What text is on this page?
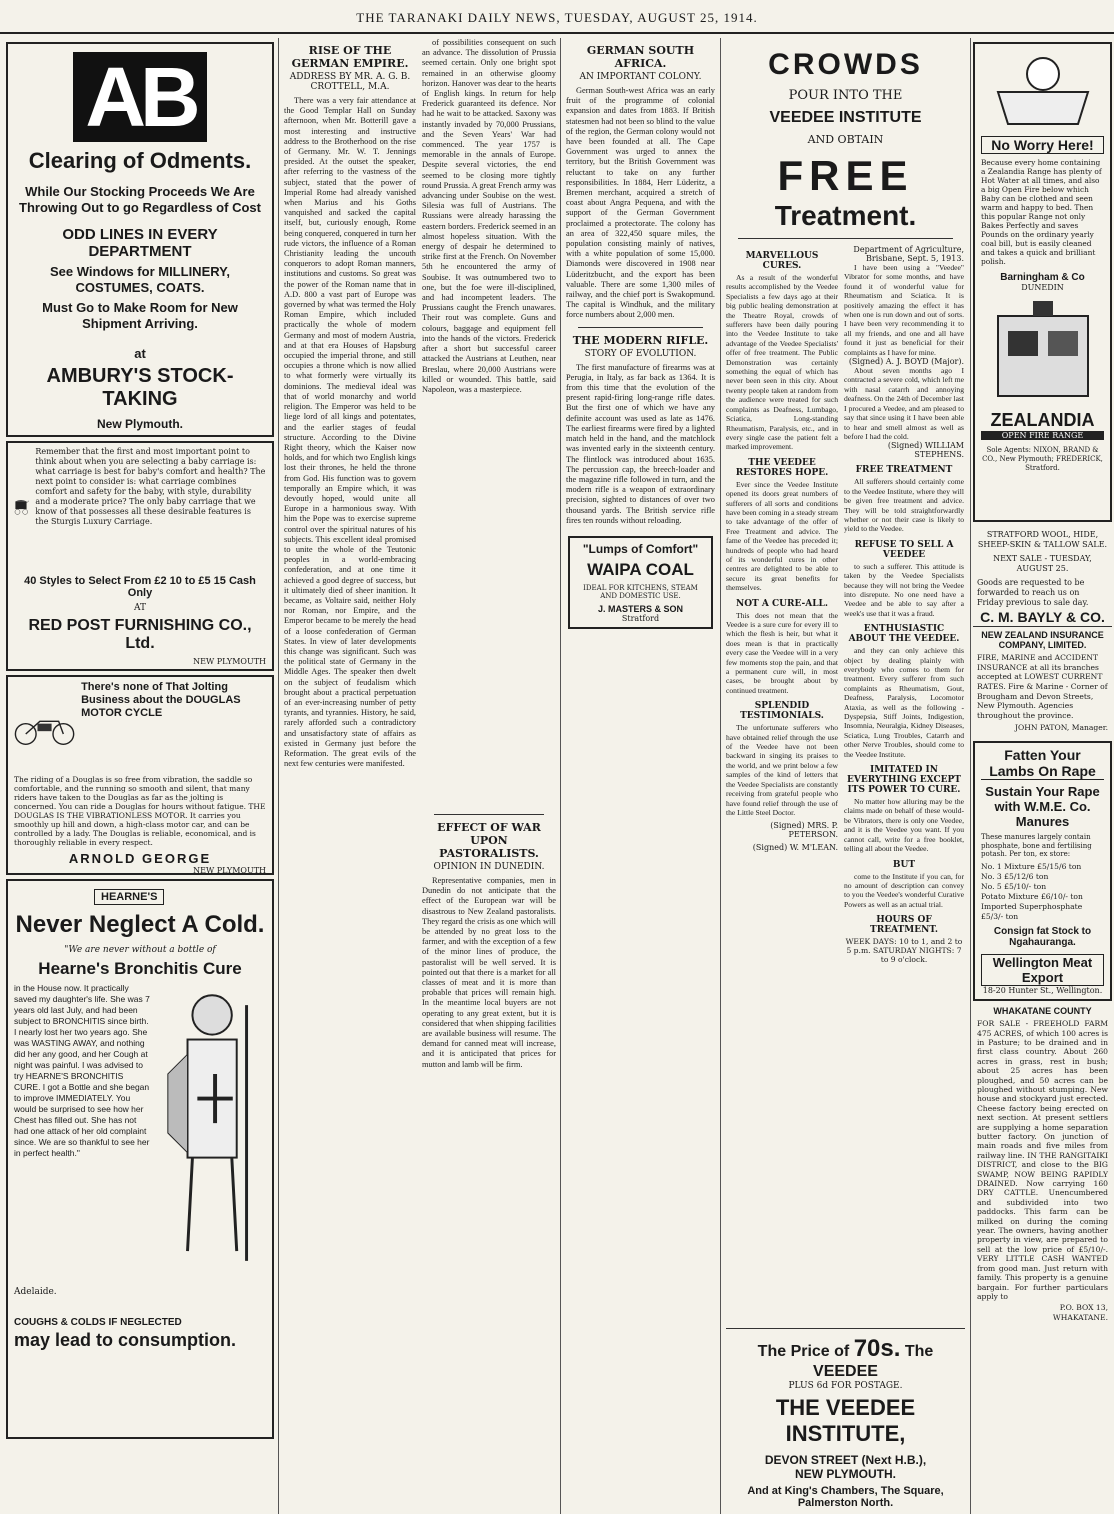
THE TARANAKI DAILY NEWS, TUESDAY, AUGUST 25, 1914.
AB
Clearing of Odments.
While Our Stocking Proceeds We Are Throwing Out to go Regardless of Cost
ODD LINES IN EVERY DEPARTMENT
See Windows for MILLINERY, COSTUMES, COATS.
Must Go to Make Room for New Shipment Arriving.
at
AMBURY'S STOCK-TAKING
New Plymouth.
Remember that the first and most important point to think about when you are selecting a baby carriage is: what carriage is best for baby's comfort and health? The next point to consider is: what carriage combines comfort and safety for the baby, with style, durability and a moderate price? The only baby carriage that we know of that possesses all these desirable features is the Sturgis Luxury Carriage.
40 Styles to Select From £2 10 to £5 15 Cash Only
AT
RED POST FURNISHING CO., Ltd.
NEW PLYMOUTH
There's none of That Jolting Business about the DOUGLAS MOTOR CYCLE
The riding of a Douglas is so free from vibration, the saddle so comfortable, and the running so smooth and silent, that many riders have taken to the Douglas as far as the jolting is concerned. You can ride a Douglas for hours without fatigue. THE DOUGLAS IS THE VIBRATIONLESS MOTOR. It carries you smoothly up hill and down, a high-class motor car, and can be controlled by a lady. The Douglas is reliable, economical, and is thoroughly reliable in every respect.
ARNOLD GEORGE
NEW PLYMOUTH
HEARNE'S
Never Neglect A Cold.
"We are never without a bottle of
Hearne's Bronchitis Cure
in the House now. It practically saved my daughter's life. She was 7 years old last July, and had been subject to BRONCHITIS since birth. I nearly lost her two years ago. She was WASTING AWAY, and nothing did her any good, and her Cough at night was painful. I was advised to try HEARNE'S BRONCHITIS CURE. I got a Bottle and she began to improve IMMEDIATELY. You would be surprised to see how her Chest has filled out. She has not had one attack of her old complaint since. We are so thankful to see her in perfect health."
Adelaide.
COUGHS & COLDS IF NEGLECTED
may lead to consumption.
RISE OF THE GERMAN EMPIRE.
ADDRESS BY MR. A. G. B. CROTTELL, M.A.
There was a very fair attendance at the Good Templar Hall on Sunday afternoon, when Mr. Botterill gave a most interesting and instructive address to the Brotherhood on the rise of Germany. Mr. W. T. Jennings presided. At the outset the speaker, after referring to the vastness of the subject, stated that the power of Imperial Rome had already vanished when Marius and his Goths vanquished and sacked the capital itself, but, curiously enough, Rome being conquered, conquered in turn her rude victors, the influence of a Roman Christianity leading the uncouth conquerors to adopt Roman manners, institutions and customs. So great was the power of the Roman name that in A.D. 800 a vast part of Europe was governed by what was termed the Holy Roman Empire, which included practically the whole of modern Germany and most of modern Austria, and at that era Houses of Hapsburg occupied the imperial throne, and still occupies a throne which is now allied to what formerly were virtually its dominions. The medieval ideal was that of world monarchy and world religion. The Emperor was held to be liege lord of all kings and potentates, and the earlier stages of feudal structure. According to the Divine Right theory, which the Kaiser now holds, and for which two English kings lost their thrones, he held the throne from God. His function was to govern temporally an Empire which, it was devoutly hoped, would unite all Europe in a harmonious sway. With him the Pope was to exercise supreme control over the spiritual natures of his subjects. This excellent ideal promised to unite the whole of the Teutonic peoples in a world-embracing confederation, and at one time it achieved a good degree of success, but it ultimately died of sheer inanition. It became, as Voltaire said, neither Holy nor Roman, nor Empire, and the Emperor became to be merely the head of a loose confederation of German States. In view of later developments this change was significant. Such was the political state of Germany in the Middle Ages. The speaker then dwelt on the subject of feudalism which brought about a practical perpetuation of an ever-increasing number of petty tyrants, and tyrannies. History, he said, rarely afforded such a contradictory and unsatisfactory state of affairs as existed in Germany just before the Reformation. The great evils of the next few centuries were manifested.
of possibilities consequent on such an advance. The dissolution of Prussia seemed certain. Only one bright spot remained in an otherwise gloomy horizon. Hanover was dear to the hearts of English kings. In return for help Frederick guaranteed its defence. Nor had he wait to be attacked. Saxony was instantly invaded by 70,000 Prussians, and the Seven Years' War had commenced. The year 1757 is memorable in the annals of Europe. Despite several victories, the end seemed to be closing more tightly round Prussia. A great French army was advancing under Soubise on the west. Silesia was full of Austrians. The Russians were already harassing the eastern borders. Frederick seemed in an almost hopeless situation. With the energy of despair he determined to strike first at the French. On November 5th he encountered the army of Soubise. It was outnumbered two to one, but the foe were ill-disciplined, and had incompetent leaders. The Prussians caught the French unawares. Their rout was complete. Guns and colours, baggage and equipment fell into the hands of the victors. Frederick after a short but successful career attacked the Austrians at Leuthen, near Breslau, where 20,000 Austrians were killed or wounded. This battle, said Napoleon, was a masterpiece.
EFFECT OF WAR UPON PASTORALISTS.
OPINION IN DUNEDIN.
Representative companies, men in Dunedin do not anticipate that the effect of the European war will be disastrous to New Zealand pastoralists. They regard the crisis as one which will be attended by no great loss to the farmer, and with the exception of a few of the minor lines of produce, the pastoralist will be well served. It is pointed out that there is a market for all classes of meat and it is more than probable that prices will remain high. In the meantime local buyers are not operating to any great extent, but it is considered that when shipping facilities are available business will resume. The demand for canned meat will increase, and it is anticipated that prices for mutton and lamb will be firm.
GERMAN SOUTH AFRICA.
AN IMPORTANT COLONY.
German South-west Africa was an early fruit of the programme of colonial expansion and dates from 1883. If British statesmen had not been so blind to the value of the region, the German colony would not have been founded at all. The Cape Government was urged to annex the territory, but the British Government was reluctant to take on any further responsibilities. In 1884, Herr Lüderitz, a Bremen merchant, acquired a stretch of coast about Angra Pequena, and with the support of the German Government proclaimed a protectorate. The colony has an area of 322,450 square miles, the population consisting mainly of natives, with a white population of some 15,000. Diamonds were discovered in 1908 near Lüderitzbucht, and the export has been valuable. There are some 1,300 miles of railway, and the chief port is Swakopmund. The capital is Windhuk, and the military force numbers about 2,000 men.
THE MODERN RIFLE.
STORY OF EVOLUTION.
The first manufacture of firearms was at Perugia, in Italy, as far back as 1364. It is from this time that the evolution of the present rapid-firing long-range rifle dates. But the first one of which we have any definite account was used as late as 1476. The earliest firearms were fired by a lighted match held in the hand, and the matchlock was invented early in the sixteenth century. The flintlock was introduced about 1635. The percussion cap, the breech-loader and the magazine rifle followed in turn, and the modern rifle is a weapon of extraordinary precision, sighted to distances of over two thousand yards. The British service rifle fires ten rounds without reloading.
"Lumps of Comfort"
WAIPA COAL
IDEAL FOR KITCHENS, STEAM AND DOMESTIC USE.
J. MASTERS & SON
Stratford
CROWDS
POUR INTO THE
VEEDEE INSTITUTE
AND OBTAIN
FREE
Treatment.
MARVELLOUS CURES.
As a result of the wonderful results accomplished by the Veedee Specialists a few days ago at their big public healing demonstration at the Theatre Royal, crowds of sufferers have been daily pouring into the Veedee Institute to take advantage of the Veedee Specialists' offer of free treatment. The Public Demonstration was certainly something the equal of which has never been seen in this city. About twenty people taken at random from the audience were treated for such complaints as Deafness, Lumbago, Sciatica, Long-standing Rheumatism, Paralysis, etc., and in every single case the patient felt a marked improvement.
THE VEEDEE RESTORES HOPE.
Ever since the Veedee Institute opened its doors great numbers of sufferers of all sorts and conditions have been coming in a steady stream to take advantage of the offer of Free Treatment and advice. The fame of the Veedee has preceded it; hundreds of people who had heard of its wonderful cures in other centres are delighted to be able to secure its great benefits for themselves.
NOT A CURE-ALL.
This does not mean that the Veedee is a sure cure for every ill to which the flesh is heir, but what it does mean is that in practically every case the Veedee will in a very few moments stop the pain, and that a permanent cure will, in most cases, be brought about by continued treatment.
SPLENDID TESTIMONIALS.
The unfortunate sufferers who have obtained relief through the use of the Veedee have not been backward in singing its praises to the world, and we print below a few samples of the kind of letters that the Veedee Specialists are constantly receiving from grateful people who have found relief through the use of the Little Steel Doctor.
(Signed) MRS. P. PETERSON.
(Signed) W. M'LEAN.
Department of Agriculture,
Brisbane, Sept. 5, 1913.
I have been using a "Veedee" Vibrator for some months, and have found it of wonderful value for Rheumatism and Sciatica. It is positively amazing the effect it has when one is run down and out of sorts. I have been very recommending it to all my friends, and one and all have found it just as beneficial for their complaints as I have for mine.
(Signed) A. J. BOYD (Major).
About seven months ago I contracted a severe cold, which left me with nasal catarrh and annoying deafness. On the 24th of December last I procured a Veedee, and am pleased to say that since using it I have been able to hear and smell almost as well as before I had the cold.
(Signed) WILLIAM STEPHENS.
FREE TREATMENT
All sufferers should certainly come to the Veedee Institute, where they will be given free treatment and advice. They will be told straightforwardly whether or not their case is likely to yield to the Veedee.
REFUSE TO SELL A VEEDEE
to such a sufferer. This attitude is taken by the Veedee Specialists because they will not bring the Veedee into disrepute. No one need have a Veedee and be able to say after a week's use that it was a fraud.
ENTHUSIASTIC ABOUT THE VEEDEE.
and they can only achieve this object by dealing plainly with everybody who comes to them for treatment. Every sufferer from such complaints as Rheumatism, Gout, Deafness, Paralysis, Locomotor Ataxia, as well as the following - Dyspepsia, Stiff Joints, Indigestion, Insomnia, Neuralgia, Kidney Diseases, Sciatica, Lung Troubles, Catarrh and other Nerve Troubles, should come to the Veedee Institute.
IMITATED IN EVERYTHING EXCEPT ITS POWER TO CURE.
No matter how alluring may be the claims made on behalf of these would-be Vibrators, there is only one Veedee, and it is the Veedee you want. If you cannot call, write for a free booklet, telling all about the Veedee.
BUT
come to the Institute if you can, for no amount of description can convey to you the Veedee's wonderful Curative Powers as well as an actual trial.
HOURS OF TREATMENT.
WEEK DAYS: 10 to 1, and 2 to 5 p.m. SATURDAY NIGHTS: 7 to 9 o'clock.
The Price of 70s. The VEEDEE
PLUS 6d FOR POSTAGE.
THE VEEDEE INSTITUTE,
DEVON STREET (Next H.B.),
NEW PLYMOUTH.
And at King's Chambers, The Square, Palmerston North.
No Worry Here!
Because every home containing a Zealandia Range has plenty of Hot Water at all times, and also a big Open Fire below which Baby can be clothed and seen warm and happy to bed. Then this popular Range not only Bakes Perfectly and saves Pounds on the ordinary yearly coal bill, but is easily cleaned and takes a quick and brilliant polish.
Barningham & Co
DUNEDIN
ZEALANDIA
OPEN FIRE RANGE
Sole Agents: NIXON, BRAND & CO., New Plymouth; FREDERICK, Stratford.
STRATFORD WOOL, HIDE, SHEEP-SKIN & TALLOW SALE.
NEXT SALE - TUESDAY, AUGUST 25.
Goods are requested to be forwarded to reach us on Friday previous to sale day.
C. M. BAYLY & CO.
NEW ZEALAND INSURANCE COMPANY, LIMITED.
FIRE, MARINE and ACCIDENT INSURANCE at all its branches accepted at LOWEST CURRENT RATES. Fire & Marine - Corner of Brougham and Devon Streets, New Plymouth. Agencies throughout the province.
JOHN PATON, Manager.
Fatten Your Lambs On Rape
Sustain Your Rape with W.M.E. Co. Manures
These manures largely contain phosphate, bone and fertilising potash. Per ton, ex store:
No. 1 Mixture £5/15/6 ton
No. 3 £5/12/6 ton
No. 5 £5/10/- ton
Potato Mixture £6/10/- ton
Imported Superphosphate £5/3/- ton
Consign fat Stock to Ngahauranga.
Wellington Meat Export
18-20 Hunter St., Wellington.
WHAKATANE COUNTY
FOR SALE - FREEHOLD FARM 475 ACRES, of which 100 acres is in Pasture; to be drained and in first class country. About 260 acres in grass, rest in bush; about 25 acres has been ploughed, and 50 acres can be ploughed without stumping. New house and stockyard just erected. Cheese factory being erected on next section. At present settlers are supplying a home separation butter factory. On junction of main roads and five miles from railway line. IN THE RANGITAIKI DISTRICT, and close to the BIG SWAMP, NOW BEING RAPIDLY DRAINED. Now carrying 160 DRY CATTLE. Unencumbered and subdivided into two paddocks. This farm can be milked on during the coming year. The owners, having another property in view, are prepared to sell at the low price of £5/10/-. VERY LITTLE CASH WANTED from good man. Just return with family. This property is a genuine bargain. For further particulars apply to
P.O. BOX 13,
WHAKATANE.
